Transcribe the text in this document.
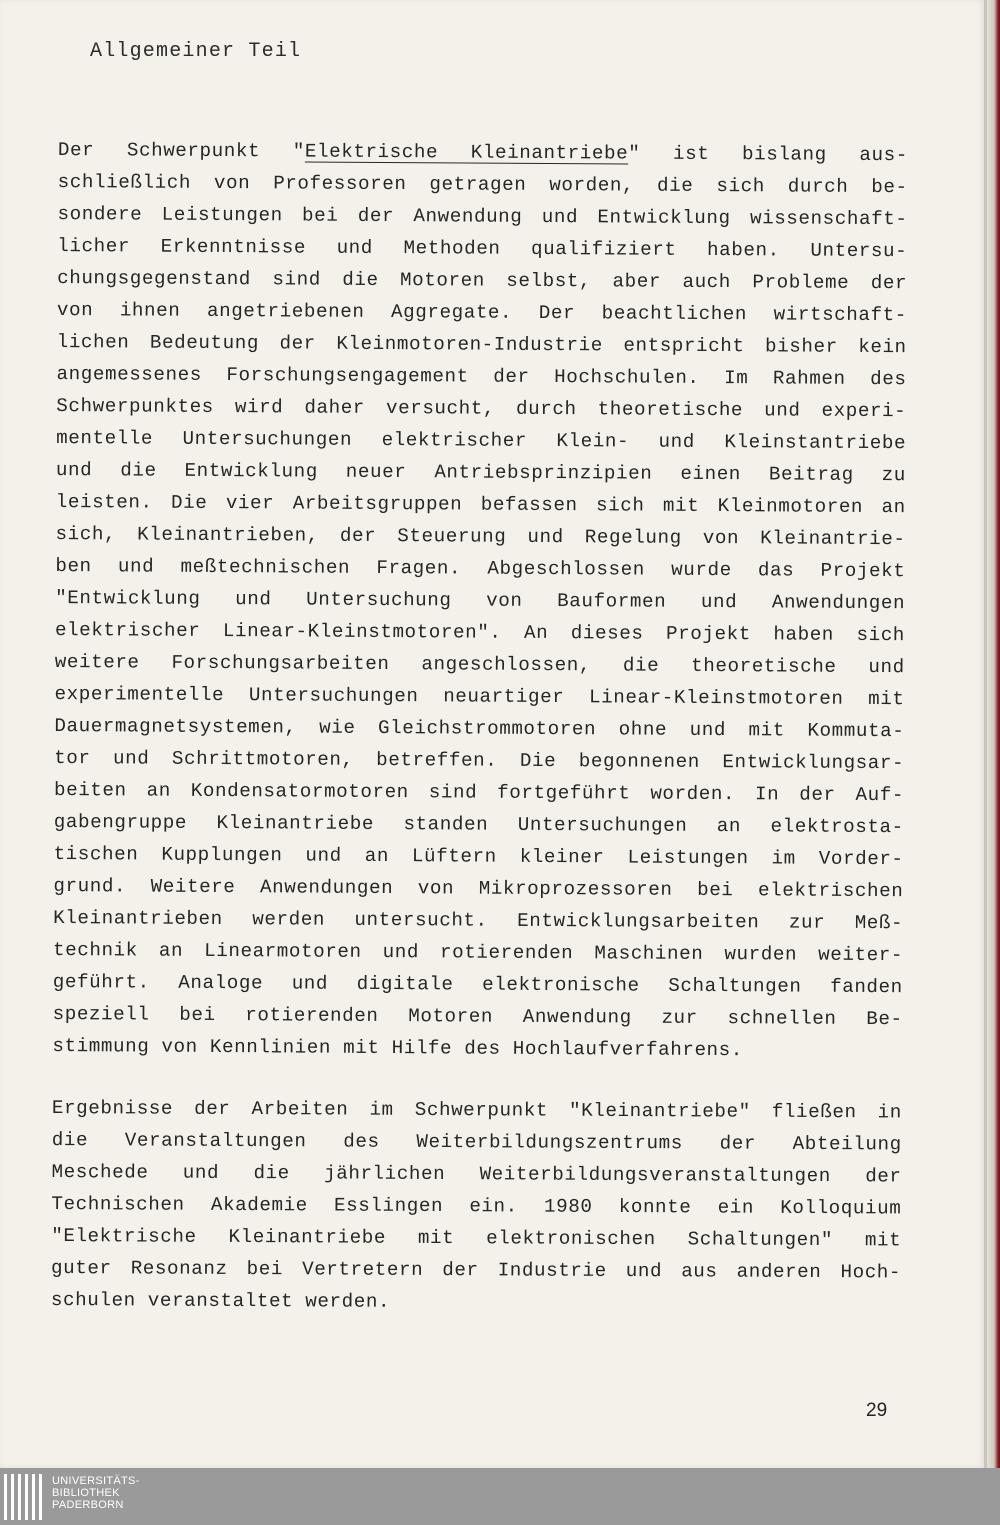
Allgemeiner Teil
Der Schwerpunkt "Elektrische Kleinantriebe" ist bislang aus-
schließlich von Professoren getragen worden, die sich durch be-
sondere Leistungen bei der Anwendung und Entwicklung wissenschaft-
licher Erkenntnisse und Methoden qualifiziert haben. Untersu-
chungsgegenstand sind die Motoren selbst, aber auch Probleme der
von ihnen angetriebenen Aggregate. Der beachtlichen wirtschaft-
lichen Bedeutung der Kleinmotoren-Industrie entspricht bisher kein
angemessenes Forschungsengagement der Hochschulen. Im Rahmen des
Schwerpunktes wird daher versucht, durch theoretische und experi-
mentelle Untersuchungen elektrischer Klein- und Kleinstantriebe
und die Entwicklung neuer Antriebsprinzipien einen Beitrag zu
leisten. Die vier Arbeitsgruppen befassen sich mit Kleinmotoren an
sich, Kleinantrieben, der Steuerung und Regelung von Kleinantrie-
ben und meßtechnischen Fragen. Abgeschlossen wurde das Projekt
"Entwicklung und Untersuchung von Bauformen und Anwendungen
elektrischer Linear-Kleinstmotoren". An dieses Projekt haben sich
weitere Forschungsarbeiten angeschlossen, die theoretische und
experimentelle Untersuchungen neuartiger Linear-Kleinstmotoren mit
Dauermagnetsystemen, wie Gleichstrommotoren ohne und mit Kommuta-
tor und Schrittmotoren, betreffen. Die begonnenen Entwicklungsar-
beiten an Kondensatormotoren sind fortgeführt worden. In der Auf-
gabengruppe Kleinantriebe standen Untersuchungen an elektrosta-
tischen Kupplungen und an Lüftern kleiner Leistungen im Vorder-
grund. Weitere Anwendungen von Mikroprozessoren bei elektrischen
Kleinantrieben werden untersucht. Entwicklungsarbeiten zur Meß-
technik an Linearmotoren und rotierenden Maschinen wurden weiter-
geführt. Analoge und digitale elektronische Schaltungen fanden
speziell bei rotierenden Motoren Anwendung zur schnellen Be-
stimmung von Kennlinien mit Hilfe des Hochlaufverfahrens.
Ergebnisse der Arbeiten im Schwerpunkt "Kleinantriebe" fließen in
die Veranstaltungen des Weiterbildungszentrums der Abteilung
Meschede und die jährlichen Weiterbildungsveranstaltungen der
Technischen Akademie Esslingen ein. 1980 konnte ein Kolloquium
"Elektrische Kleinantriebe mit elektronischen Schaltungen" mit
guter Resonanz bei Vertretern der Industrie und aus anderen Hoch-
schulen veranstaltet werden.
29
UNIVERSITÄTS-
BIBLIOTHEK
PADERBORN
